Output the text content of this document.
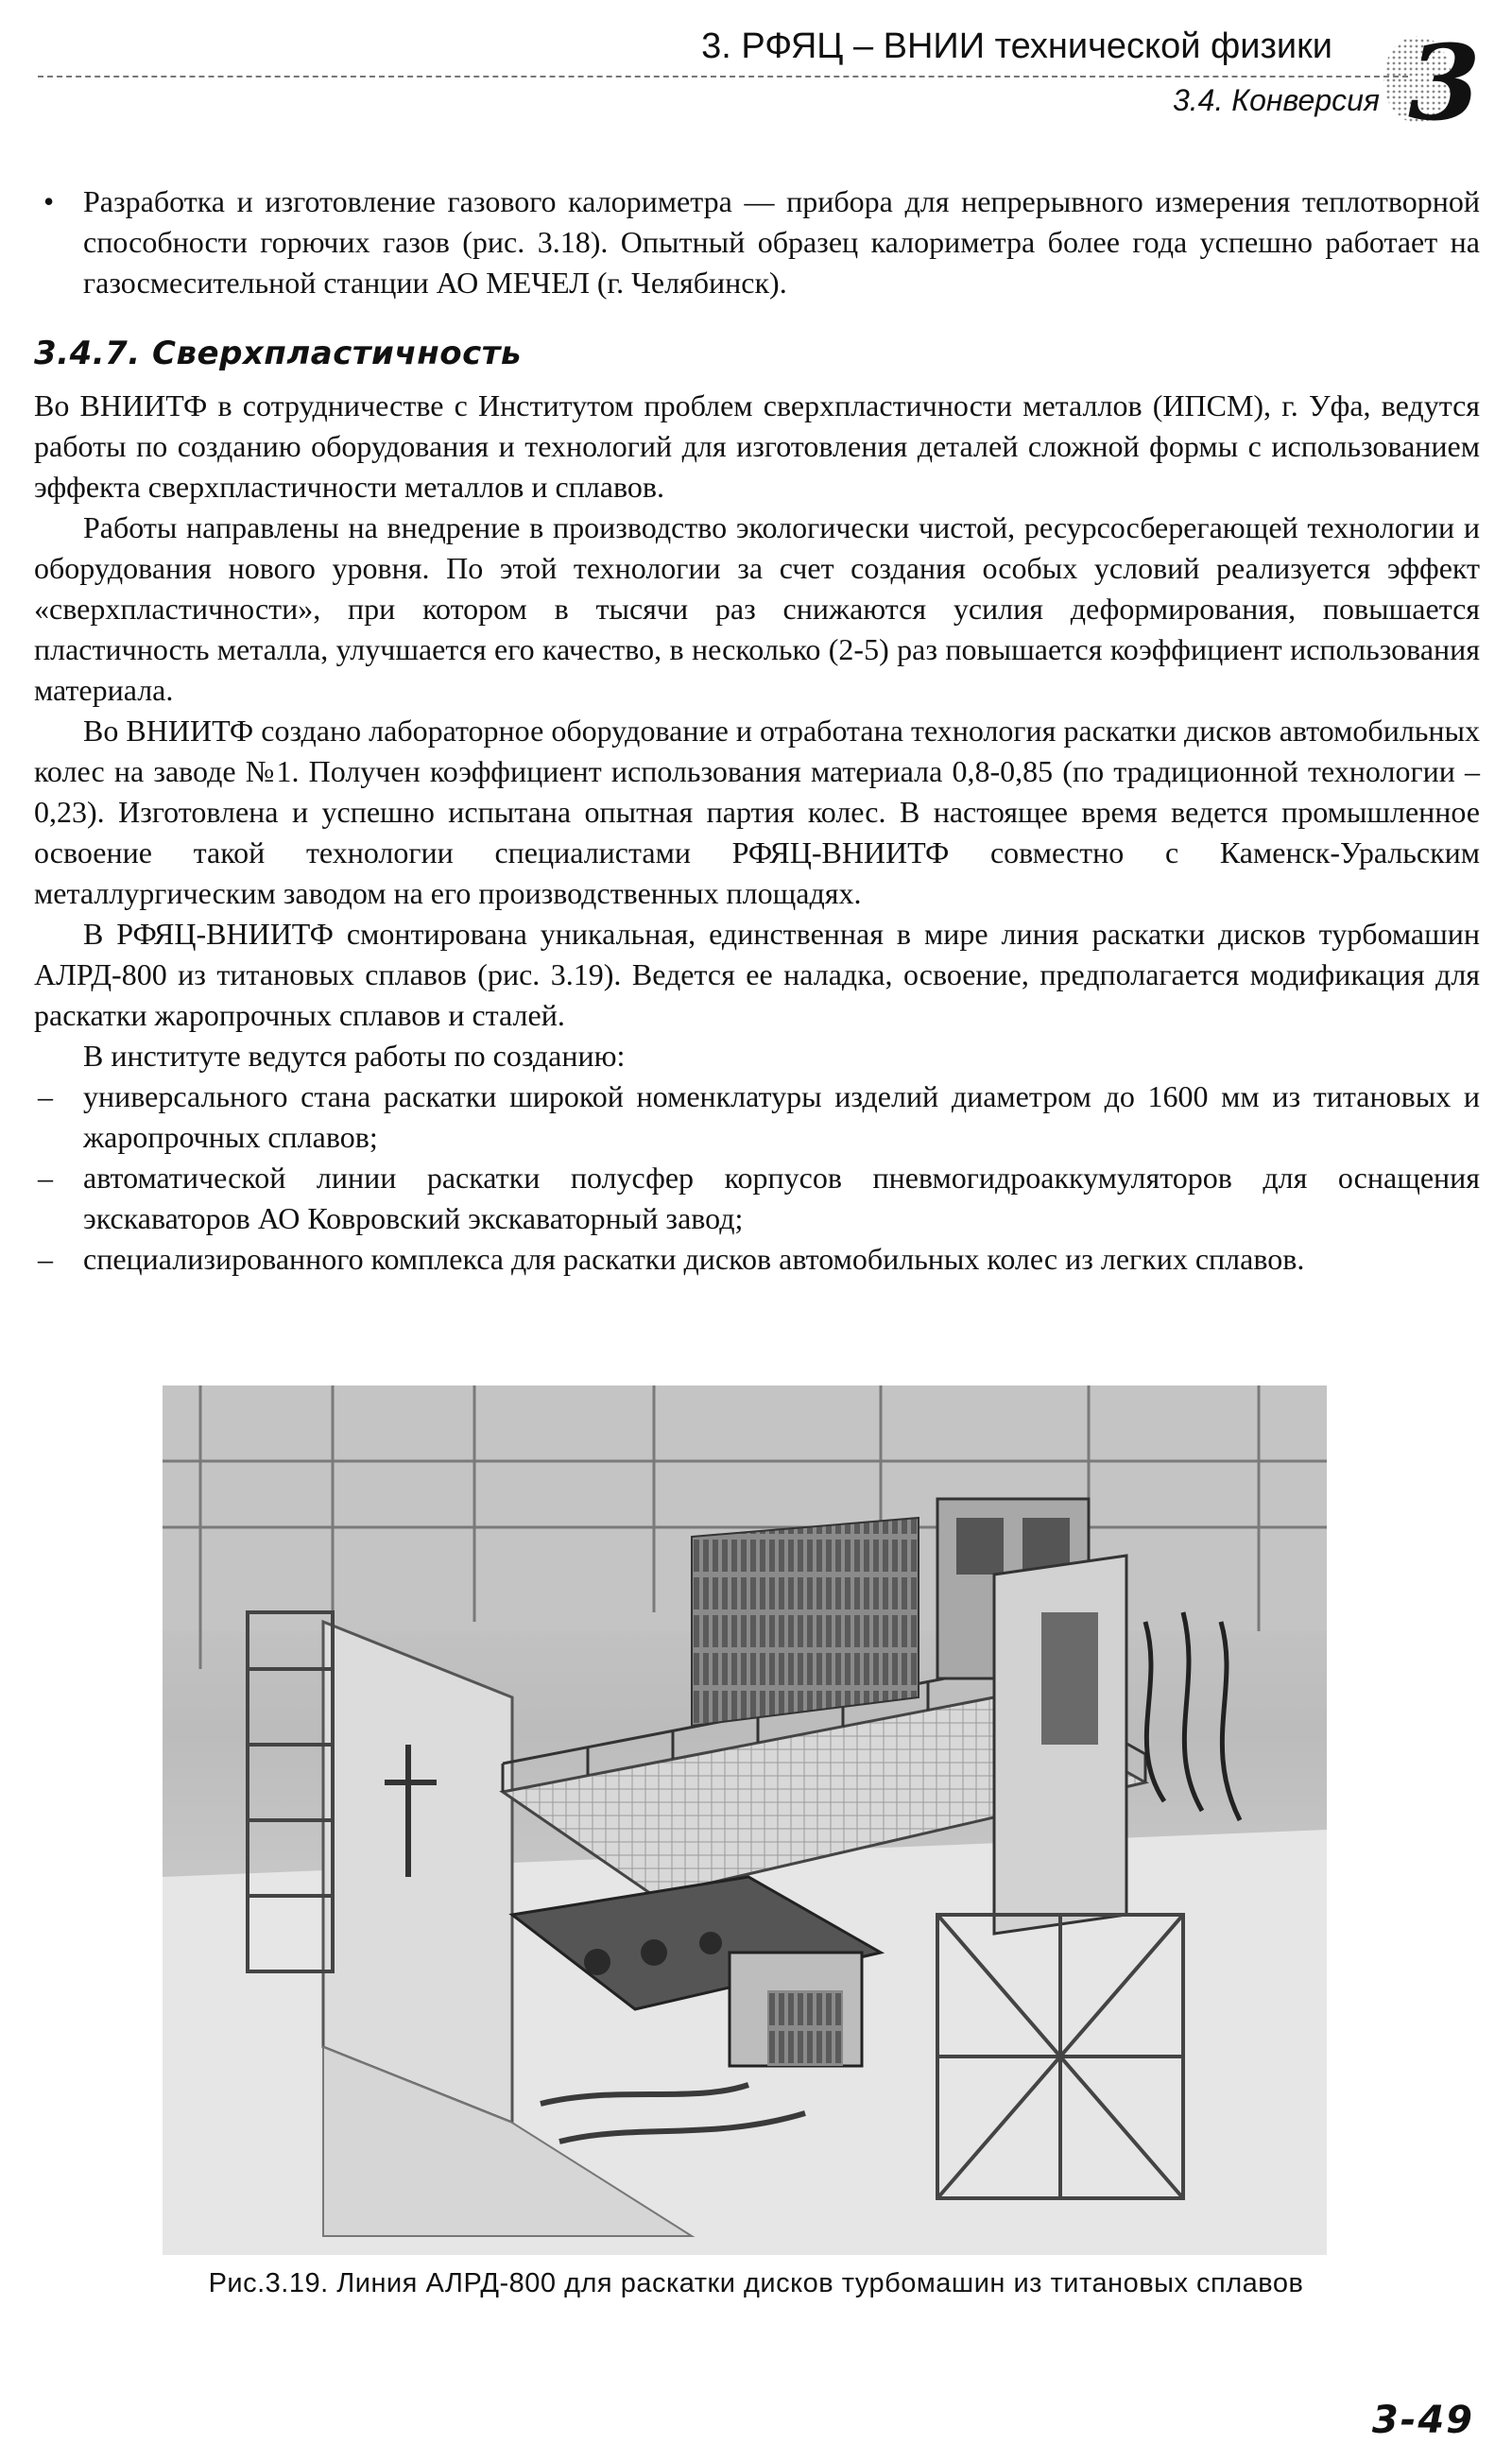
3. РФЯЦ – ВНИИ технической физики
3.4. Конверсия 3

• Разработка и изготовление газового калориметра — прибора для непрерывного измерения теплотворной способности горючих газов (рис. 3.18). Опытный образец калориметра более года успешно работает на газосмесительной станции АО МЕЧЕЛ (г. Челябинск).

3.4.7. Сверхпластичность

Во ВНИИТФ в сотрудничестве с Институтом проблем сверхпластичности металлов (ИПСМ), г. Уфа, ведутся работы по созданию оборудования и технологий для изготовления деталей сложной формы с использованием эффекта сверхпластичности металлов и сплавов.

Работы направлены на внедрение в производство экологически чистой, ресурсосберегающей технологии и оборудования нового уровня. По этой технологии за счет создания особых условий реализуется эффект «сверхпластичности», при котором в тысячи раз снижаются усилия деформирования, повышается пластичность металла, улучшается его качество, в несколько (2-5) раз повышается коэффициент использования материала.

Во ВНИИТФ создано лабораторное оборудование и отработана технология раскатки дисков автомобильных колес на заводе №1. Получен коэффициент использования материала 0,8-0,85 (по традиционной технологии – 0,23). Изготовлена и успешно испытана опытная партия колес. В настоящее время ведется промышленное освоение такой технологии специалистами РФЯЦ-ВНИИТФ совместно с Каменск-Уральским металлургическим заводом на его производственных площадях.

В РФЯЦ-ВНИИТФ смонтирована уникальная, единственная в мире линия раскатки дисков турбомашин АЛРД-800 из титановых сплавов (рис. 3.19). Ведется ее наладка, освоение, предполагается модификация для раскатки жаропрочных сплавов и сталей.

В институте ведутся работы по созданию:

– универсального стана раскатки широкой номенклатуры изделий диаметром до 1600 мм из титановых и жаропрочных сплавов;

– автоматической линии раскатки полусфер корпусов пневмогидроаккумуляторов для оснащения экскаваторов АО Ковровский экскаваторный завод;

– специализированного комплекса для раскатки дисков автомобильных колес из легких сплавов.

Рис.3.19. Линия АЛРД-800 для раскатки дисков турбомашин из титановых сплавов
3-49
